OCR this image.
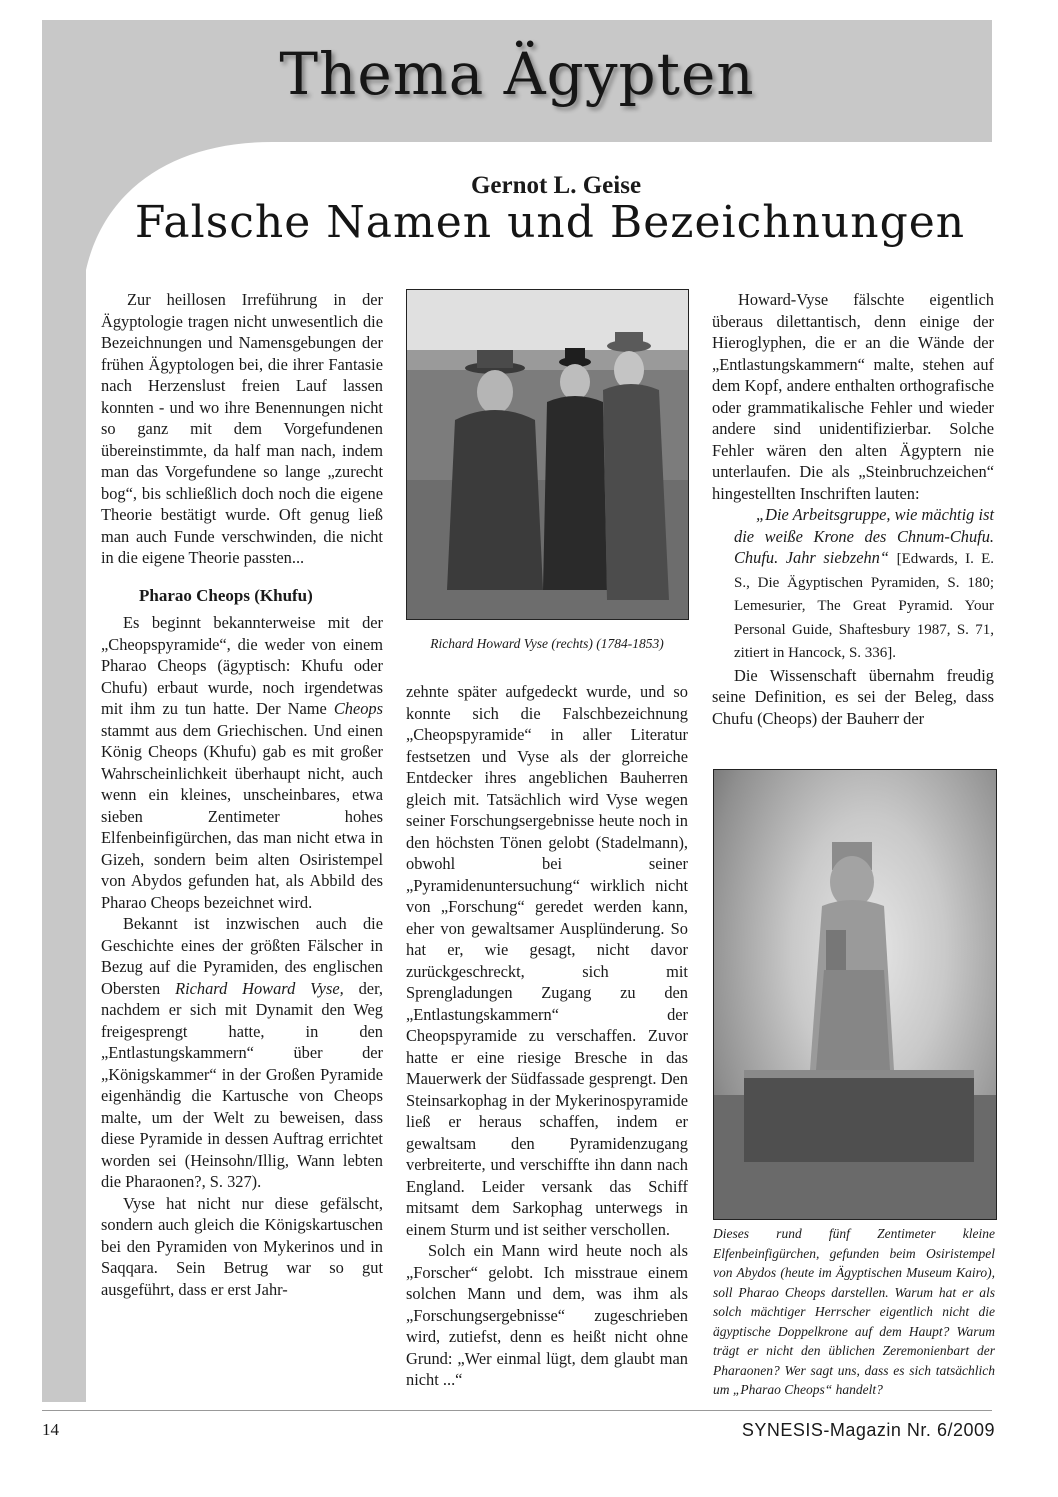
Thema Ägypten
Gernot L. Geise
Falsche Namen und Bezeichnungen

Zur heillosen Irreführung in der Ägyptologie tragen nicht unwesentlich die Bezeichnungen und Namensgebungen der frühen Ägyptologen bei, die ihrer Fantasie nach Herzenslust freien Lauf lassen konnten - und wo ihre Benennungen nicht so ganz mit dem Vorgefundenen übereinstimmte, da half man nach, indem man das Vorgefundene so lange „zurecht bog“, bis schließlich doch noch die eigene Theorie bestätigt wurde. Oft genug ließ man auch Funde verschwinden, die nicht in die eigene Theorie passten...

Pharao Cheops (Khufu)

Es beginnt bekannterweise mit der „Cheopspyramide“, die weder von einem Pharao Cheops (ägyptisch: Khufu oder Chufu) erbaut wurde, noch irgendetwas mit ihm zu tun hatte. Der Name Cheops stammt aus dem Griechischen. Und einen König Cheops (Khufu) gab es mit großer Wahrscheinlichkeit überhaupt nicht, auch wenn ein kleines, unscheinbares, etwa sieben Zentimeter hohes Elfenbeinfigürchen, das man nicht etwa in Gizeh, sondern beim alten Osiristempel von Abydos gefunden hat, als Abbild des Pharao Cheops bezeichnet wird.

Bekannt ist inzwischen auch die Geschichte eines der größten Fälscher in Bezug auf die Pyramiden, des englischen Obersten Richard Howard Vyse, der, nachdem er sich mit Dynamit den Weg freigesprengt hatte, in den „Entlastungskammern“ über der „Königskammer“ in der Großen Pyramide eigenhändig die Kartusche von Cheops malte, um der Welt zu beweisen, dass diese Pyramide in dessen Auftrag errichtet worden sei (Heinsohn/Illig, Wann lebten die Pharaonen?, S. 327).

Vyse hat nicht nur diese gefälscht, sondern auch gleich die Königskartuschen bei den Pyramiden von Mykerinos und in Saqqara. Sein Betrug war so gut ausgeführt, dass er erst Jahr-

Richard Howard Vyse (rechts) (1784-1853)

zehnte später aufgedeckt wurde, und so konnte sich die Falschbezeichnung „Cheopspyramide“ in aller Literatur festsetzen und Vyse als der glorreiche Entdecker ihres angeblichen Bauherren gleich mit. Tatsächlich wird Vyse wegen seiner Forschungsergebnisse heute noch in den höchsten Tönen gelobt (Stadelmann), obwohl bei seiner „Pyramidenuntersuchung“ wirklich nicht von „Forschung“ geredet werden kann, eher von gewaltsamer Ausplünderung. So hat er, wie gesagt, nicht davor zurückgeschreckt, sich mit Sprengladungen Zugang zu den „Entlastungskammern“ der Cheopspyramide zu verschaffen. Zuvor hatte er eine riesige Bresche in das Mauerwerk der Südfassade gesprengt. Den Steinsarkophag in der Mykerinospyramide ließ er heraus schaffen, indem er gewaltsam den Pyramidenzugang verbreiterte, und verschiffte ihn dann nach England. Leider versank das Schiff mitsamt dem Sarkophag unterwegs in einem Sturm und ist seither verschollen.

Solch ein Mann wird heute noch als „Forscher“ gelobt. Ich misstraue einem solchen Mann und dem, was ihm als „Forschungsergebnisse“ zugeschrieben wird, zutiefst, denn es heißt nicht ohne Grund: „Wer einmal lügt, dem glaubt man nicht ...“

Howard-Vyse fälschte eigentlich überaus dilettantisch, denn einige der Hieroglyphen, die er an die Wände der „Entlastungskammern“ malte, stehen auf dem Kopf, andere enthalten orthografische oder grammatikalische Fehler und wieder andere sind unidentifizierbar. Solche Fehler wären den alten Ägyptern nie unterlaufen. Die als „Steinbruchzeichen“ hingestellten Inschriften lauten:

„Die Arbeitsgruppe, wie mächtig ist die weiße Krone des Chnum-Chufu. Chufu. Jahr siebzehn“ [Edwards, I. E. S., Die Ägyptischen Pyramiden, S. 180; Lemesurier, The Great Pyramid. Your Personal Guide, Shaftesbury 1987, S. 71, zitiert in Hancock, S. 336].

Die Wissenschaft übernahm freudig seine Definition, es sei der Beleg, dass Chufu (Cheops) der Bauherr der

Dieses rund fünf Zentimeter kleine Elfenbeinfigürchen, gefunden beim Osiristempel von Abydos (heute im Ägyptischen Museum Kairo), soll Pharao Cheops darstellen. Warum hat er als solch mächtiger Herrscher eigentlich nicht die ägyptische Doppelkrone auf dem Haupt? Warum trägt er nicht den üblichen Zeremonienbart der Pharaonen? Wer sagt uns, dass es sich tatsächlich um „Pharao Cheops“ handelt?
14	SYNESIS-Magazin Nr. 6/2009
